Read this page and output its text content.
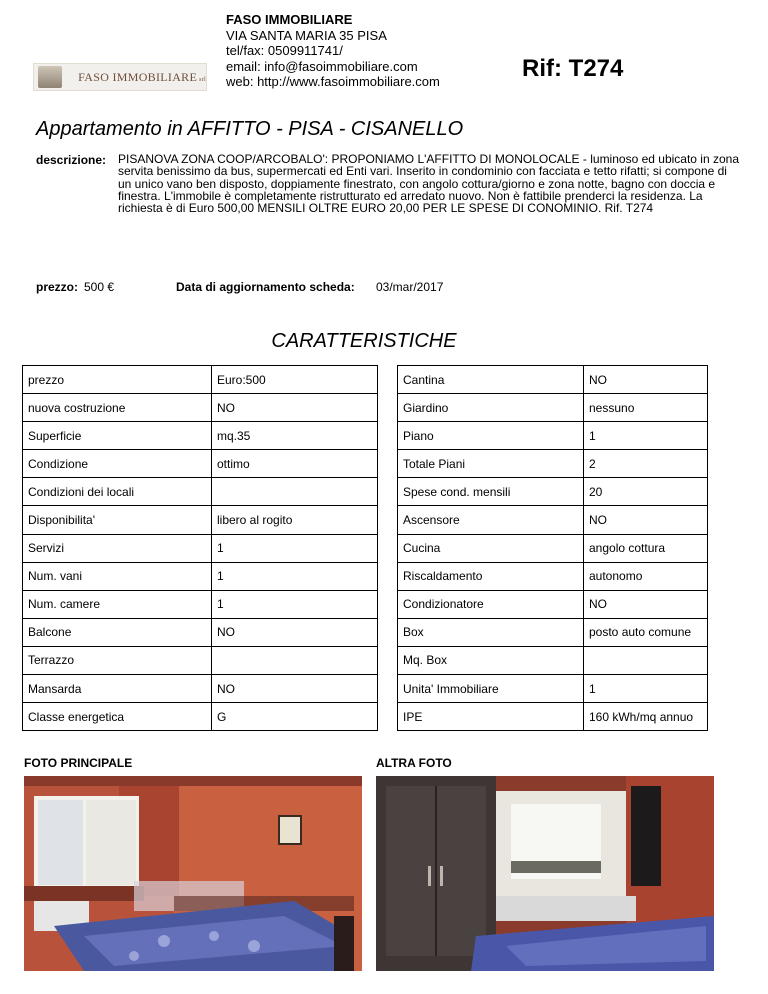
FASO IMMOBILIARE srl
FASO IMMOBILIARE
VIA SANTA MARIA 35 PISA
tel/fax: 0509911741/
email: info@fasoimmobiliare.com
web: http://www.fasoimmobiliare.com	Rif: T274
Appartamento in AFFITTO - PISA - CISANELLO
descrizione: PISANOVA ZONA COOP/ARCOBALO': PROPONIAMO L'AFFITTO DI MONOLOCALE - luminoso ed ubicato in zona servita benissimo da bus, supermercati ed Enti vari. Inserito in condominio con facciata e tetto rifatti; si compone di un unico vano ben disposto, doppiamente finestrato, con angolo cottura/giorno e zona notte, bagno con doccia e finestra. L'immobile è completamente ristrutturato ed arredato nuovo. Non è fattibile prenderci la residenza. La richiesta è di Euro 500,00 MENSILI OLTRE EURO 20,00 PER LE SPESE DI CONOMINIO. Rif. T274
prezzo: 500 €	Data di aggiornamento scheda: 03/mar/2017
CARATTERISTICHE
prezzo	Euro:500		Cantina	NO
nuova costruzione	NO		Giardino	nessuno
Superficie	mq.35		Piano	1
Condizione	ottimo		Totale Piani	2
Condizioni dei locali			Spese cond. mensili	20
Disponibilita'	libero al rogito		Ascensore	NO
Servizi	1		Cucina	angolo cottura
Num. vani	1		Riscaldamento	autonomo
Num. camere	1		Condizionatore	NO
Balcone	NO		Box	posto auto comune
Terrazzo			Mq. Box	
Mansarda	NO		Unita' Immobiliare	1
Classe energetica	G		IPE	160 kWh/mq annuo
FOTO PRINCIPALE	ALTRA FOTO
